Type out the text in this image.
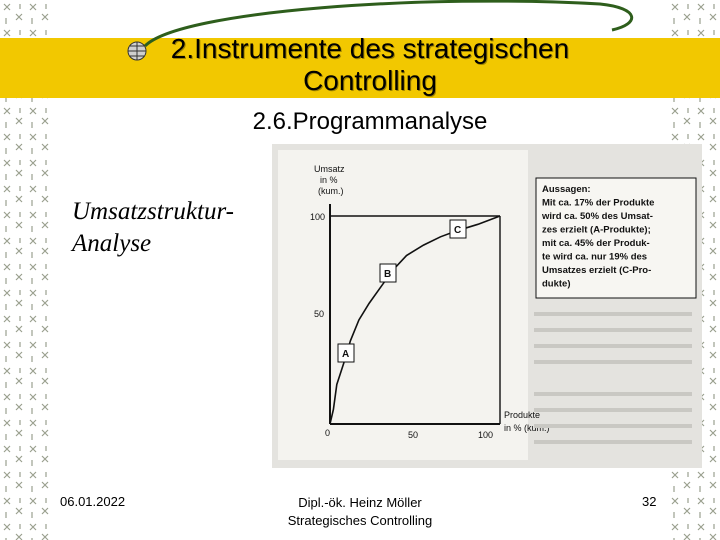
2.Instrumente des strategischen
Controlling
2.6.Programmanalyse
Umsatzstruktur-
Analyse
Umsatz
in %
(kum.)
100
50
0	50	100
Produkte
in % (kum.)
A
B
C
Aussagen:
Mit ca. 17% der Produkte
wird ca. 50% des Umsat-
zes erzielt (A-Produkte);
mit ca. 45% der Produk-
te wird ca. nur 19% des
Umsatzes erzielt (C-Pro-
dukte)
06.01.2022	Dipl.-ök. Heinz Möller
Strategisches Controlling
32
